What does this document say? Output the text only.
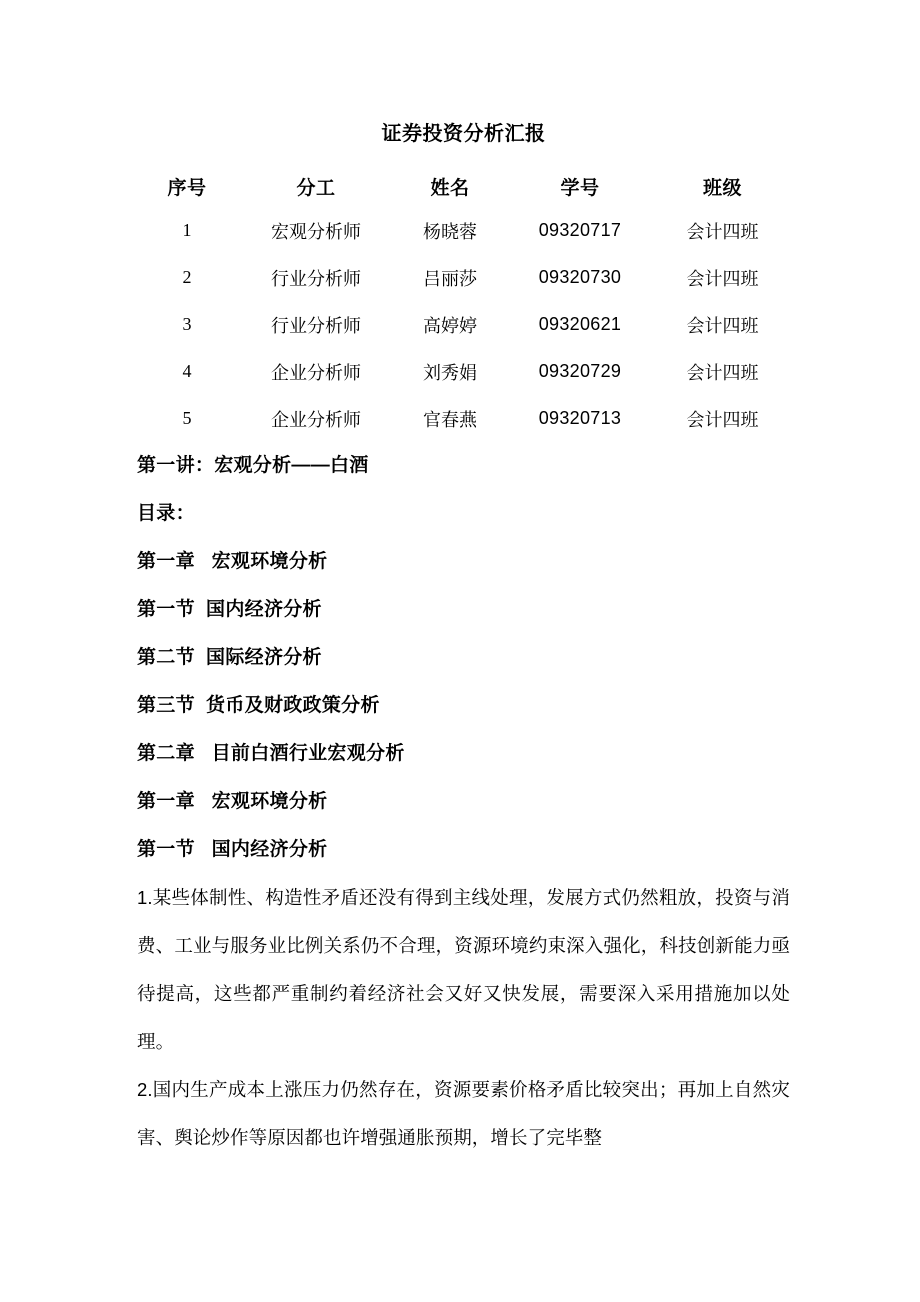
证券投资分析汇报
序号	分工	姓名	学号	班级
1	宏观分析师	杨晓蓉	09320717	会计四班
2	行业分析师	吕丽莎	09320730	会计四班
3	行业分析师	高婷婷	09320621	会计四班
4	企业分析师	刘秀娟	09320729	会计四班
5	企业分析师	官春燕	09320713	会计四班
第一讲：宏观分析——白酒
目录：
第一章   宏观环境分析
第一节  国内经济分析
第二节  国际经济分析
第三节  货币及财政政策分析
第二章   目前白酒行业宏观分析
第一章   宏观环境分析
第一节   国内经济分析
1.某些体制性、构造性矛盾还没有得到主线处理，发展方式仍然粗放，投资与消费、工业与服务业比例关系仍不合理，资源环境约束深入强化，科技创新能力亟待提高，这些都严重制约着经济社会又好又快发展，需要深入采用措施加以处理。
2.国内生产成本上涨压力仍然存在，资源要素价格矛盾比较突出；再加上自然灾害、舆论炒作等原因都也许增强通胀预期，增长了完毕整
